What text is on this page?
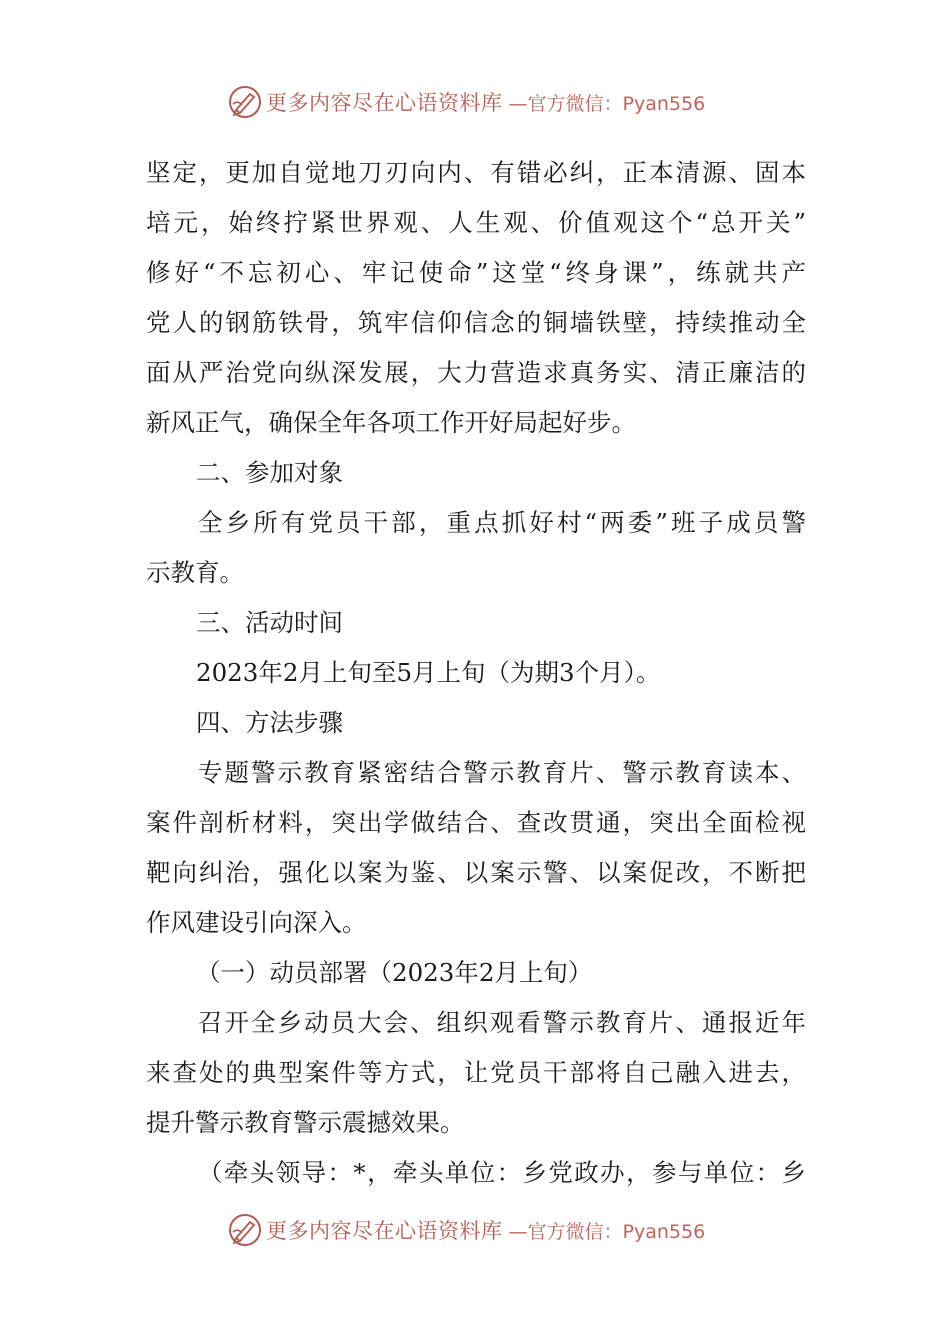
更多内容尽在心语资料库 —官方微信：Pyan556
坚定，更加自觉地刀刃向内、有错必纠，正本清源、固本
培元，始终拧紧世界观、人生观、价值观这个“总开关”
修好“不忘初心、牢记使命”这堂“终身课”，练就共产
党人的钢筋铁骨，筑牢信仰信念的铜墙铁壁，持续推动全
面从严治党向纵深发展，大力营造求真务实、清正廉洁的
新风正气，确保全年各项工作开好局起好步。
二、参加对象
全乡所有党员干部，重点抓好村“两委”班子成员警
示教育。
三、活动时间
2023年2月上旬至5月上旬（为期3个月）。
四、方法步骤
专题警示教育紧密结合警示教育片、警示教育读本、
案件剖析材料，突出学做结合、查改贯通，突出全面检视
靶向纠治，强化以案为鉴、以案示警、以案促改，不断把
作风建设引向深入。
（一）动员部署（2023年2月上旬）
召开全乡动员大会、组织观看警示教育片、通报近年
来查处的典型案件等方式，让党员干部将自己融入进去，
提升警示教育警示震撼效果。
（牵头领导：*，牵头单位：乡党政办，参与单位：乡
更多内容尽在心语资料库 —官方微信：Pyan556
